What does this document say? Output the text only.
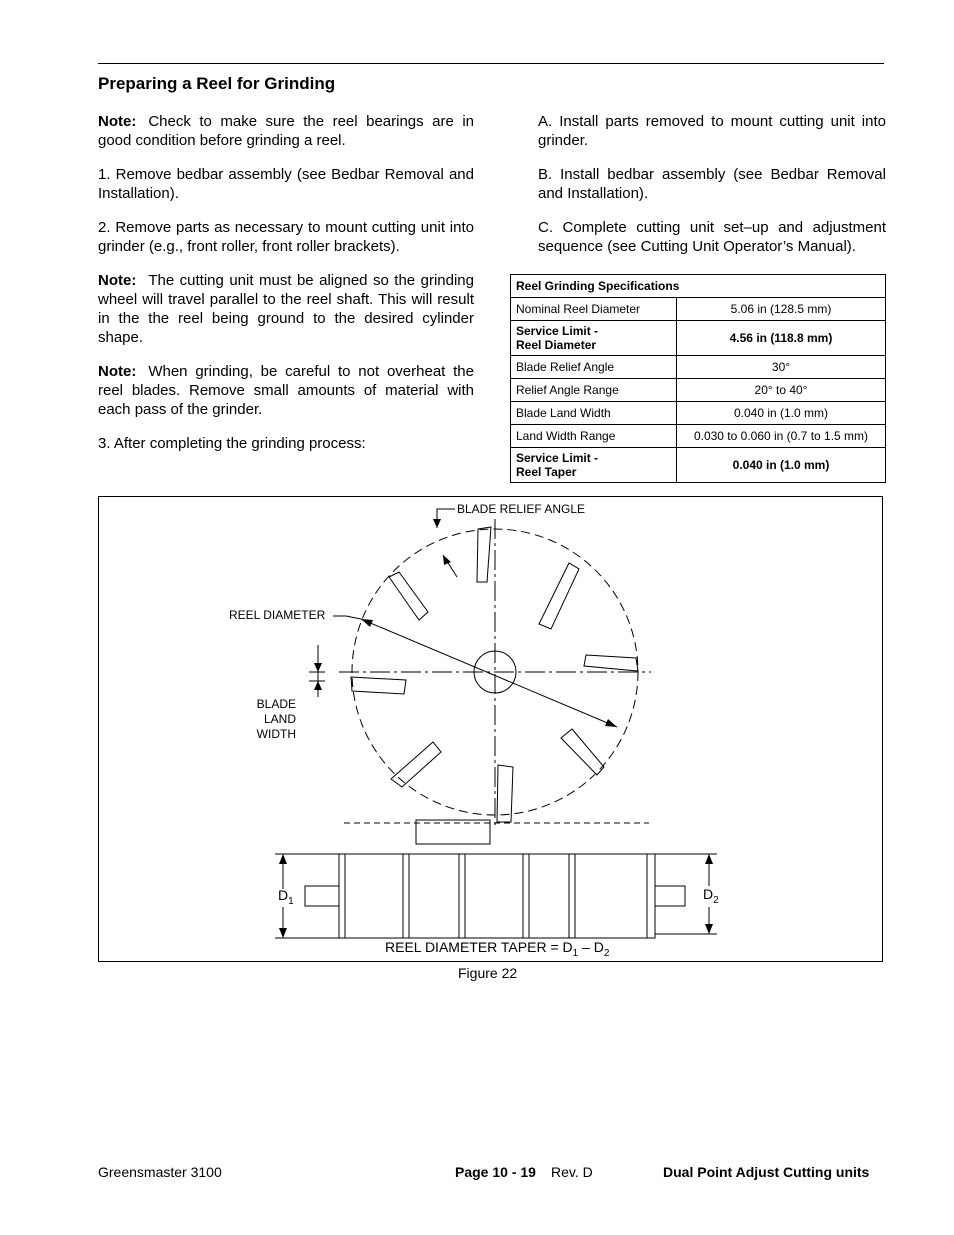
Preparing a Reel for Grinding

Note: Check to make sure the reel bearings are in good condition before grinding a reel.

1. Remove bedbar assembly (see Bedbar Removal and Installation).

2. Remove parts as necessary to mount cutting unit into grinder (e.g., front roller, front roller brackets).

Note: The cutting unit must be aligned so the grinding wheel will travel parallel to the reel shaft. This will result in the the reel being ground to the desired cylinder shape.

Note: When grinding, be careful to not overheat the reel blades. Remove small amounts of material with each pass of the grinder.

3. After completing the grinding process:

A. Install parts removed to mount cutting unit into grinder.

B. Install bedbar assembly (see Bedbar Removal and Installation).

C. Complete cutting unit set–up and adjustment sequence (see Cutting Unit Operator’s Manual).

Reel Grinding Specifications	
Nominal Reel Diameter	5.06 in (128.5 mm)
Service Limit -
Reel Diameter	4.56 in (118.8 mm)
Blade Relief Angle	30°
Relief Angle Range	20° to 40°
Blade Land Width	0.040 in (1.0 mm)
Land Width Range	0.030 to 0.060 in (0.7 to 1.5 mm)
Service Limit -
Reel Taper	0.040 in (1.0 mm)
BLADE RELIEF ANGLE
REEL DIAMETER
BLADE
LAND
WIDTH
$D_1$	$D_2$
REEL DIAMETER TAPER = $D_1 - D_2$
Figure 22
Greensmaster 3100	Page 10 - 19 Rev. D	Dual Point Adjust Cutting units
